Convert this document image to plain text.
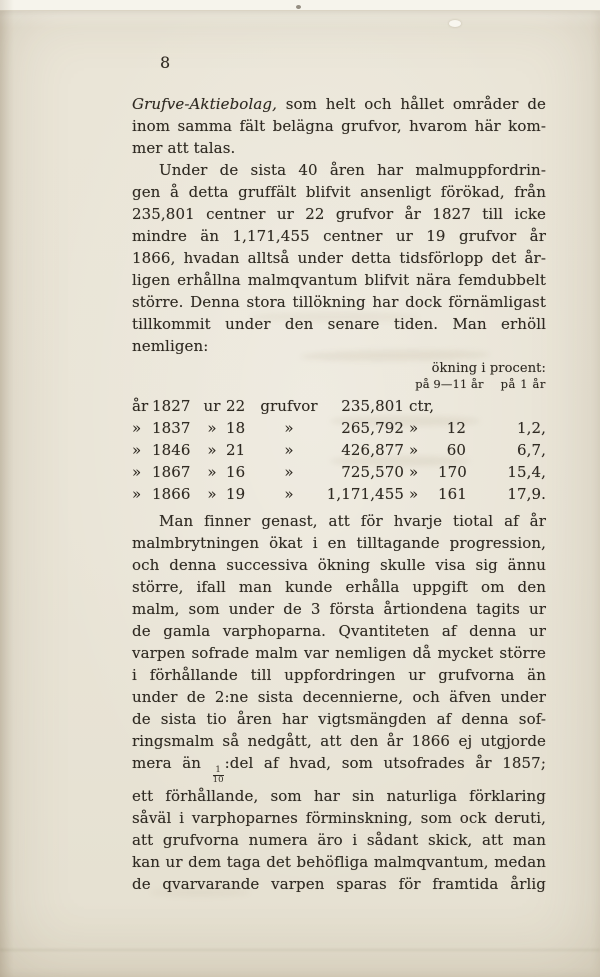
8
Grufve-Aktiebolag, som helt och hållet områder de
inom samma fält belägna grufvor, hvarom här kom-
mer att talas.
Under de sista 40 åren har malmuppfordrin-
gen å detta gruffält blifvit ansenligt förökad, från
235,801 centner ur 22 grufvor år 1827 till icke
mindre än 1,171,455 centner ur 19 grufvor år
1866, hvadan alltså under detta tidsförlopp det år-
ligen erhållna malmqvantum blifvit nära femdubbelt
större. Denna stora tillökning har dock förnämligast
tillkommit under den senare tiden. Man erhöll
nemligen:
ökning i procent:
på 9—11 år på 1 år
år 1827 ur 22 grufvor 235,801 ctr,
» 1837 » 18	»	265,792 » 12	1,2,
» 1846 » 21	»	426,877 » 60	6,7,
» 1867 » 16	»	725,570 » 170	15,4,
» 1866 » 19	» 1,171,455 » 161	17,9.
Man finner genast, att för hvarje tiotal af år
malmbrytningen ökat i en tilltagande progression,
och denna successiva ökning skulle visa sig ännu
större, ifall man kunde erhålla uppgift om den
malm, som under de 3 första årtiondena tagits ur
de gamla varphoparna. Qvantiteten af denna ur
varpen sofrade malm var nemligen då mycket större
i förhållande till uppfordringen ur grufvorna än
under de 2:ne sista decennierne, och äfven under
de sista tio åren har vigtsmängden af denna sof-
ringsmalm så nedgått, att den år 1866 ej utgjorde
mera än
$\frac{1}{10}$
:del af hvad, som utsofrades år 1857;
ett förhållande, som har sin naturliga förklaring
såväl i varphoparnes förminskning, som ock deruti,
att grufvorna numera äro i sådant skick, att man
kan ur dem taga det behöfliga malmqvantum, medan
de qvarvarande varpen sparas för framtida årlig
